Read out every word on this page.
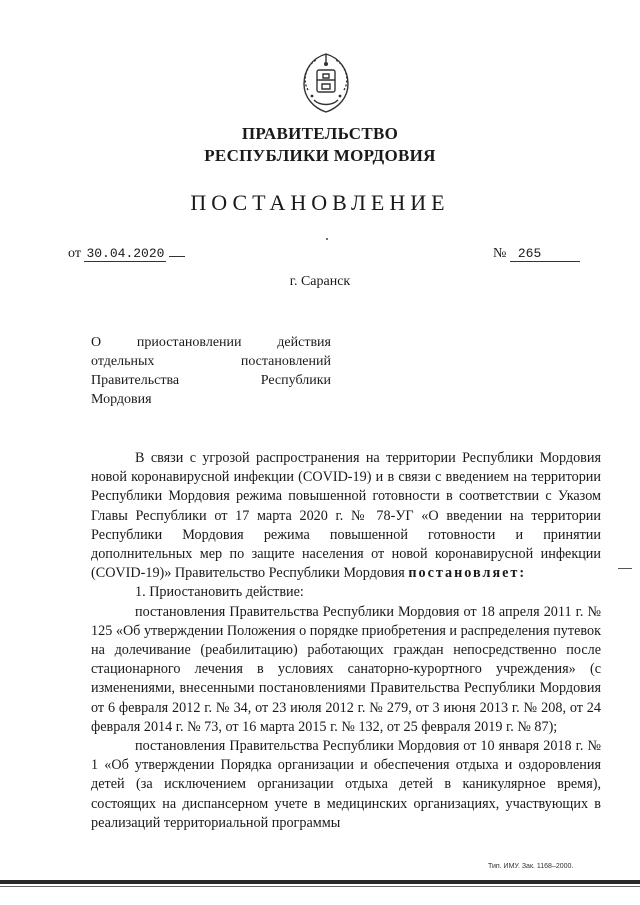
ПРАВИТЕЛЬСТВО
РЕСПУБЛИКИ МОРДОВИЯ
ПОСТАНОВЛЕНИЕ
от 30.04.2020	№ 265
г. Саранск
О приостановлении действия
отдельных постановлений
Правительства Республики
Мордовия

В связи с угрозой распространения на территории Республики Мордовия новой коронавирусной инфекции (COVID-19) и в связи с введением на территории Республики Мордовия режима повышенной готовности в соответствии с Указом Главы Республики от 17 марта 2020 г. № 78-УГ «О введении на территории Республики Мордовия режима повышенной готовности и принятии дополнительных мер по защите населения от новой коронавирусной инфекции (COVID-19)» Правительство Республики Мордовия постановляет:

1. Приостановить действие:

постановления Правительства Республики Мордовия от 18 апреля 2011 г. № 125 «Об утверждении Положения о порядке приобретения и распределения путевок на долечивание (реабилитацию) работающих граждан непосредственно после стационарного лечения в условиях санаторно-курортного учреждения» (с изменениями, внесенными постановлениями Правительства Республики Мордовия от 6 февраля 2012 г. № 34, от 23 июля 2012 г. № 279, от 3 июня 2013 г. № 208, от 24 февраля 2014 г. № 73, от 16 марта 2015 г. № 132, от 25 февраля 2019 г. № 87);

постановления Правительства Республики Мордовия от 10 января 2018 г. № 1 «Об утверждении Порядка организации и обеспечения отдыха и оздоровления детей (за исключением организации отдыха детей в каникулярное время), состоящих на диспансерном учете в медицинских организациях, участвующих в реализаций территориальной программы

Тип. ИМУ. Зак. 1168–2000.
